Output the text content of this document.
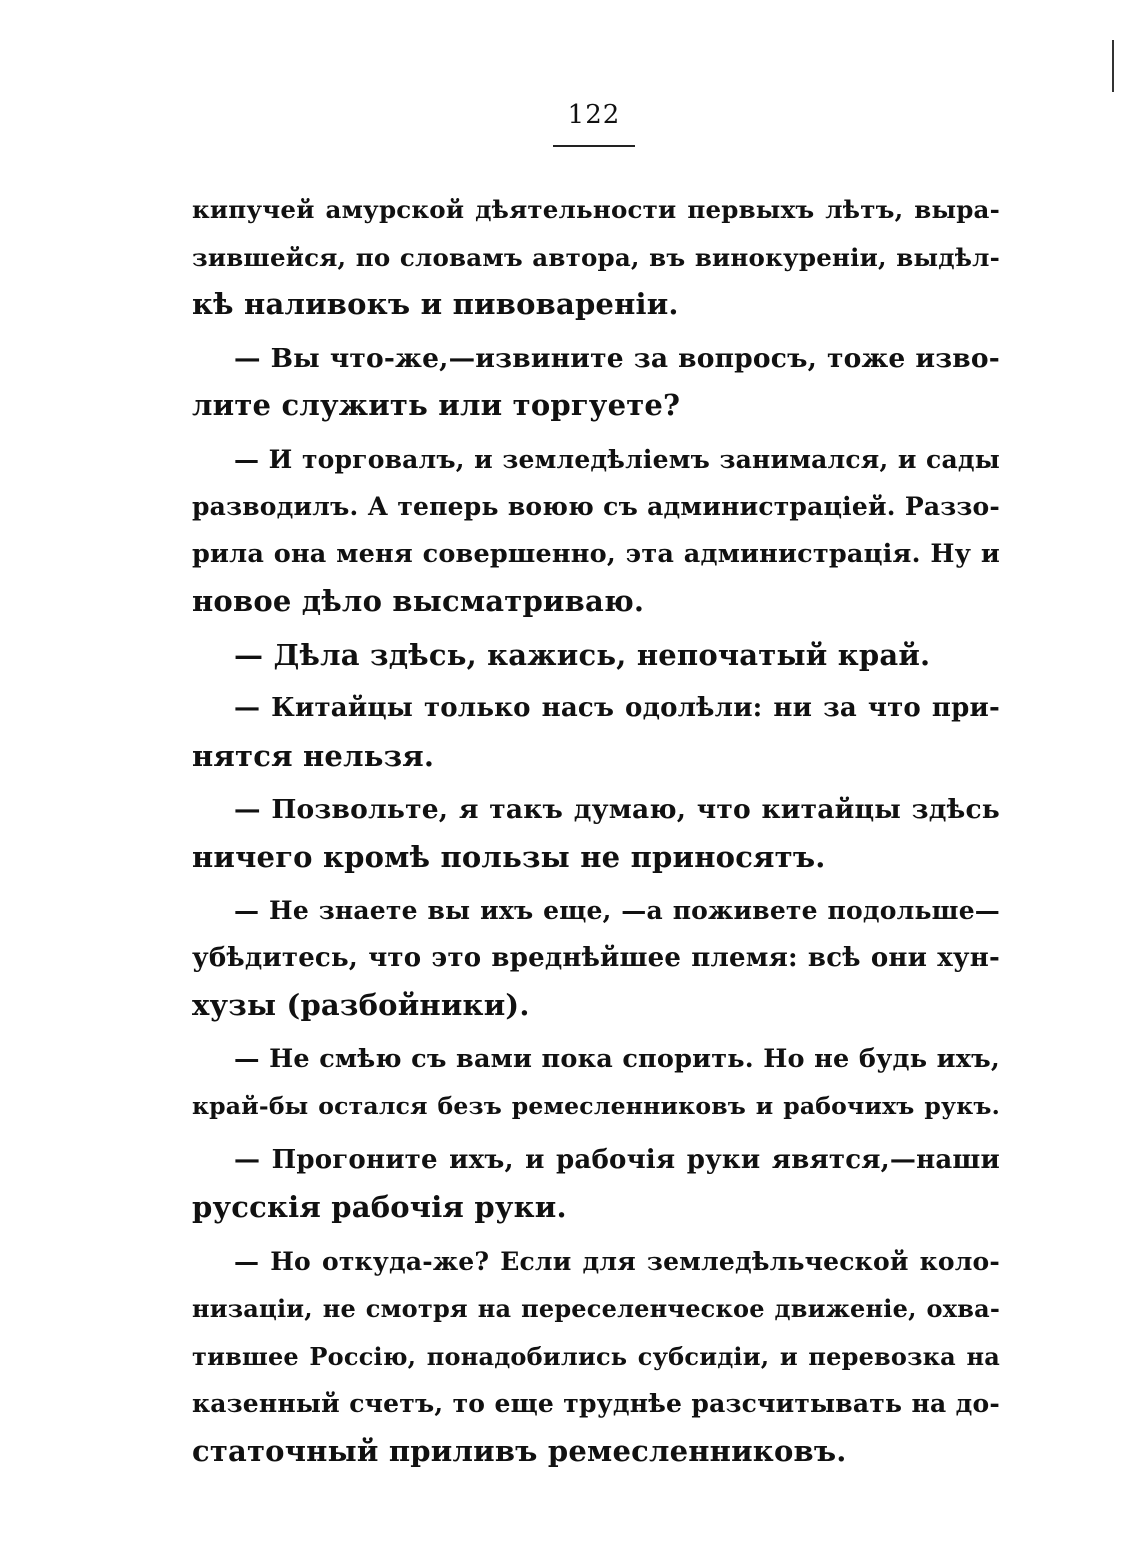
122
кипучей амурской дѣятельности первыхъ лѣтъ, выра-
зившейся, по словамъ автора, въ винокуреніи, выдѣл-
кѣ наливокъ и пивовареніи.
— Вы что-же,—извините за вопросъ, тоже изво-
лите служить или торгуете?
— И торговалъ, и земледѣліемъ занимался, и сады
разводилъ. А теперь воюю съ администраціей. Раззо-
рила она меня совершенно, эта администрація. Ну и
новое дѣло высматриваю.
— Дѣла здѣсь, кажись, непочатый край.
— Китайцы только насъ одолѣли: ни за что при-
нятся нельзя.
— Позвольте, я такъ думаю, что китайцы здѣсь
ничего кромѣ пользы не приносятъ.
— Не знаете вы ихъ еще, —а поживете подольше—
убѣдитесь, что это вреднѣйшее племя: всѣ они хун-
хузы (разбойники).
— Не смѣю съ вами пока спорить. Но не будь ихъ,
край-бы остался безъ ремесленниковъ и рабочихъ рукъ.
— Прогоните ихъ, и рабочія руки явятся,—наши
русскія рабочія руки.
— Но откуда-же? Если для земледѣльческой коло-
низаціи, не смотря на переселенческое движеніе, охва-
тившее Россію, понадобились субсидіи, и перевозка на
казенный счетъ, то еще труднѣе разсчитывать на до-
статочный приливъ ремесленниковъ.
